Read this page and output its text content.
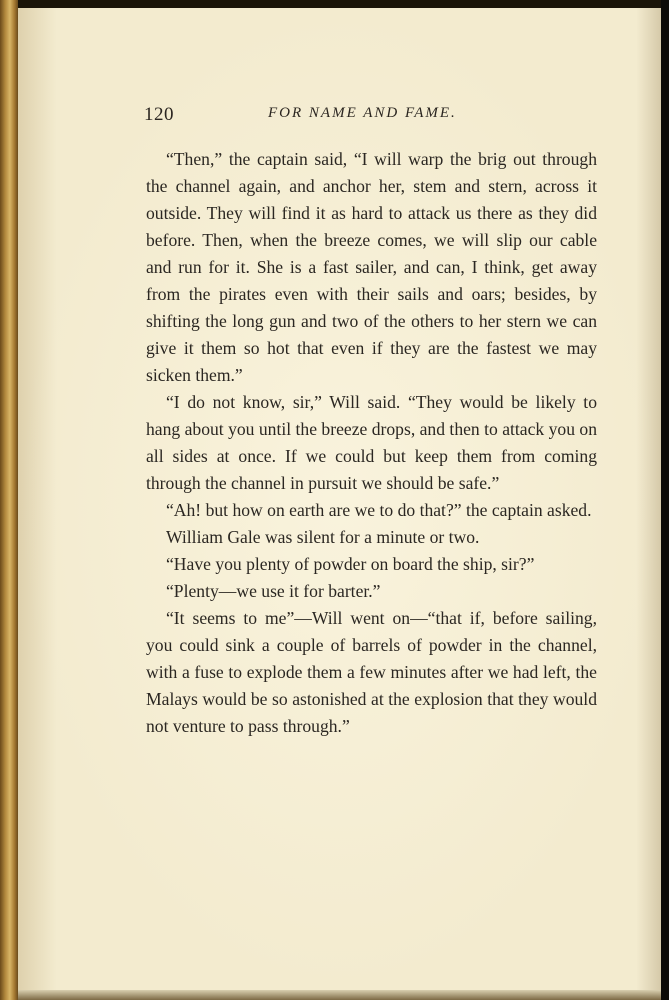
120	FOR NAME AND FAME.

“Then,” the captain said, “I will warp the brig out through the channel again, and anchor her, stem and stern, across it outside. They will find it as hard to attack us there as they did before. Then, when the breeze comes, we will slip our cable and run for it. She is a fast sailer, and can, I think, get away from the pirates even with their sails and oars; besides, by shifting the long gun and two of the others to her stern we can give it them so hot that even if they are the fastest we may sicken them.”

“I do not know, sir,” Will said. “They would be likely to hang about you until the breeze drops, and then to attack you on all sides at once. If we could but keep them from coming through the channel in pursuit we should be safe.”

“Ah! but how on earth are we to do that?” the captain asked.

William Gale was silent for a minute or two.

“Have you plenty of powder on board the ship, sir?”

“Plenty—we use it for barter.”

“It seems to me”—Will went on—“that if, before sailing, you could sink a couple of barrels of powder in the channel, with a fuse to explode them a few minutes after we had left, the Malays would be so astonished at the explosion that they would not venture to pass through.”
